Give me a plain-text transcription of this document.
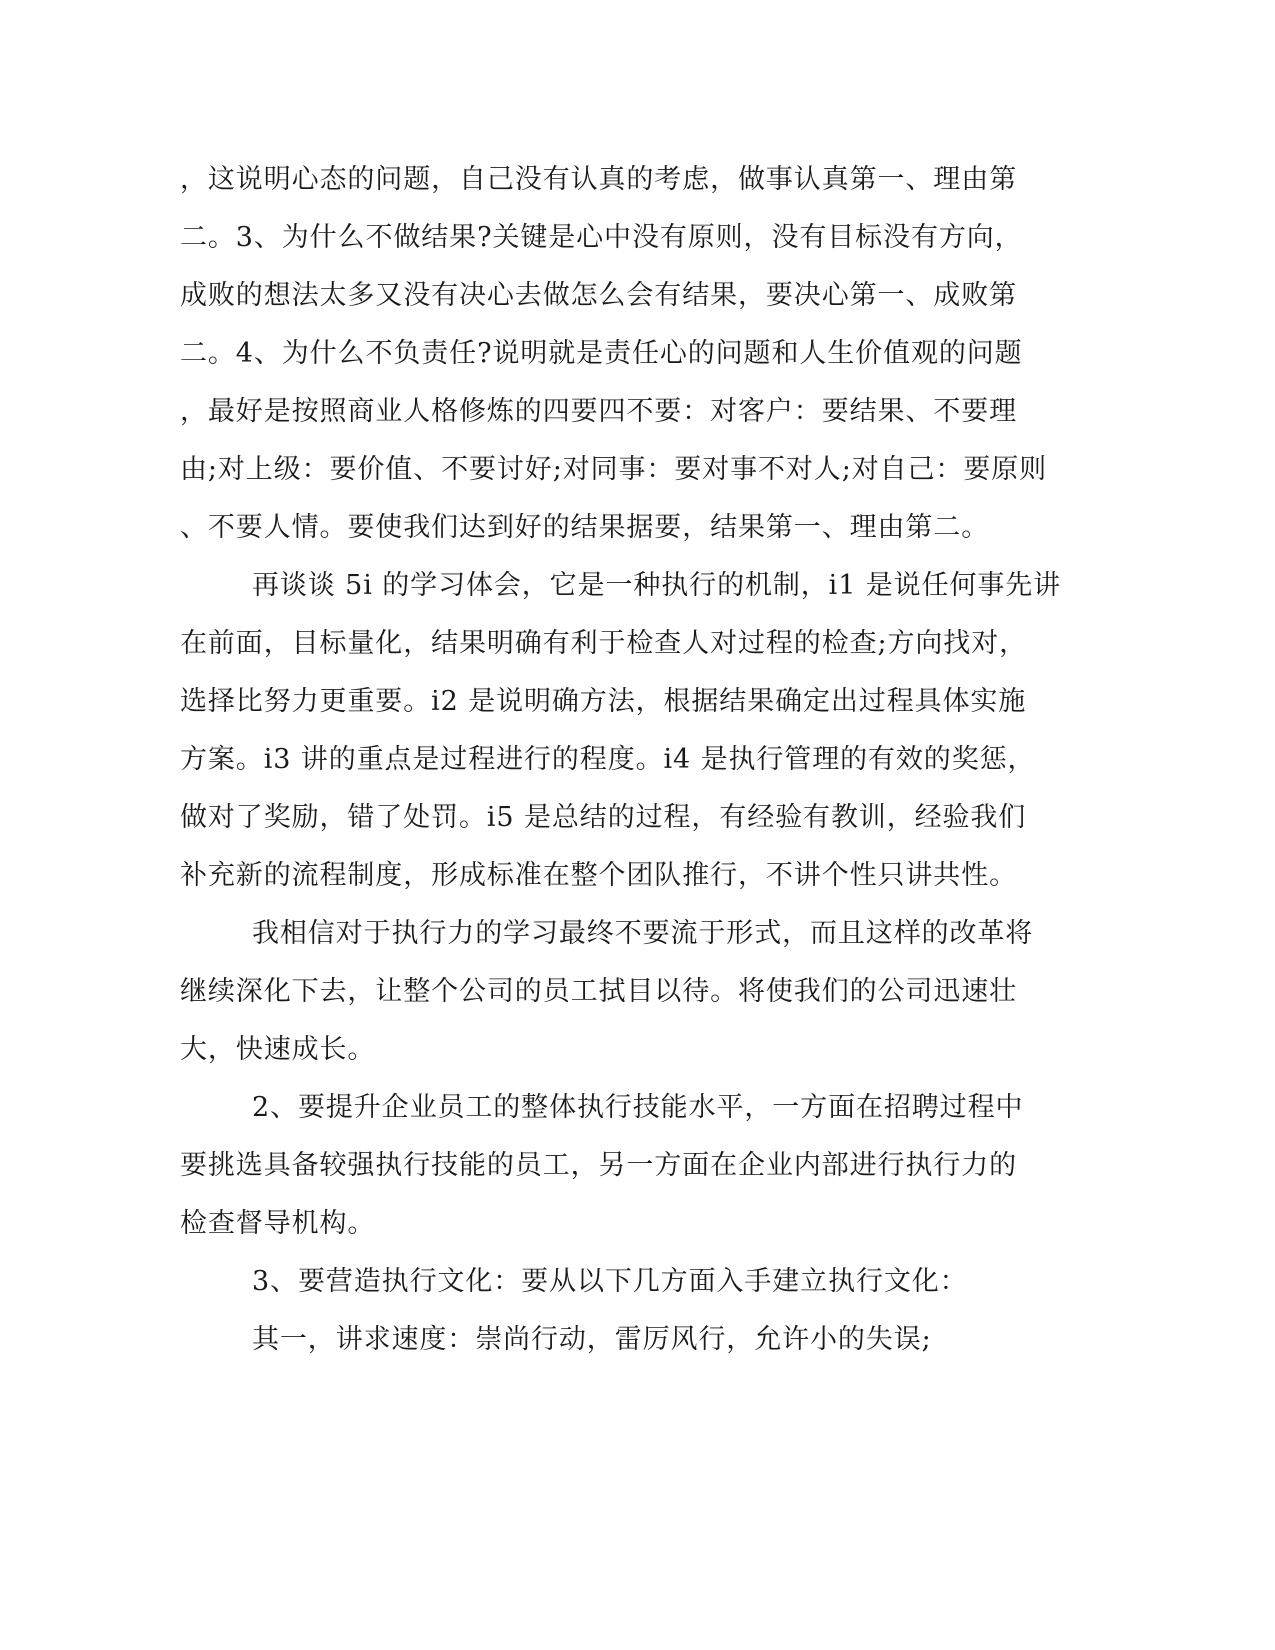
，这说明心态的问题，自己没有认真的考虑，做事认真第一、理由第
二。3、为什么不做结果?关键是心中没有原则，没有目标没有方向，
成败的想法太多又没有决心去做怎么会有结果，要决心第一、成败第
二。4、为什么不负责任?说明就是责任心的问题和人生价值观的问题
，最好是按照商业人格修炼的四要四不要：对客户：要结果、不要理
由;对上级：要价值、不要讨好;对同事：要对事不对人;对自己：要原则
、不要人情。要使我们达到好的结果据要，结果第一、理由第二。
再谈谈 5i 的学习体会，它是一种执行的机制，i1 是说任何事先讲
在前面，目标量化，结果明确有利于检查人对过程的检查;方向找对，
选择比努力更重要。i2 是说明确方法，根据结果确定出过程具体实施
方案。i3 讲的重点是过程进行的程度。i4 是执行管理的有效的奖惩，
做对了奖励，错了处罚。i5 是总结的过程，有经验有教训，经验我们
补充新的流程制度，形成标准在整个团队推行，不讲个性只讲共性。
我相信对于执行力的学习最终不要流于形式，而且这样的改革将
继续深化下去，让整个公司的员工拭目以待。将使我们的公司迅速壮
大，快速成长。
2、要提升企业员工的整体执行技能水平，一方面在招聘过程中
要挑选具备较强执行技能的员工，另一方面在企业内部进行执行力的
检查督导机构。
3、要营造执行文化：要从以下几方面入手建立执行文化：
其一，讲求速度：崇尚行动，雷厉风行，允许小的失误;
